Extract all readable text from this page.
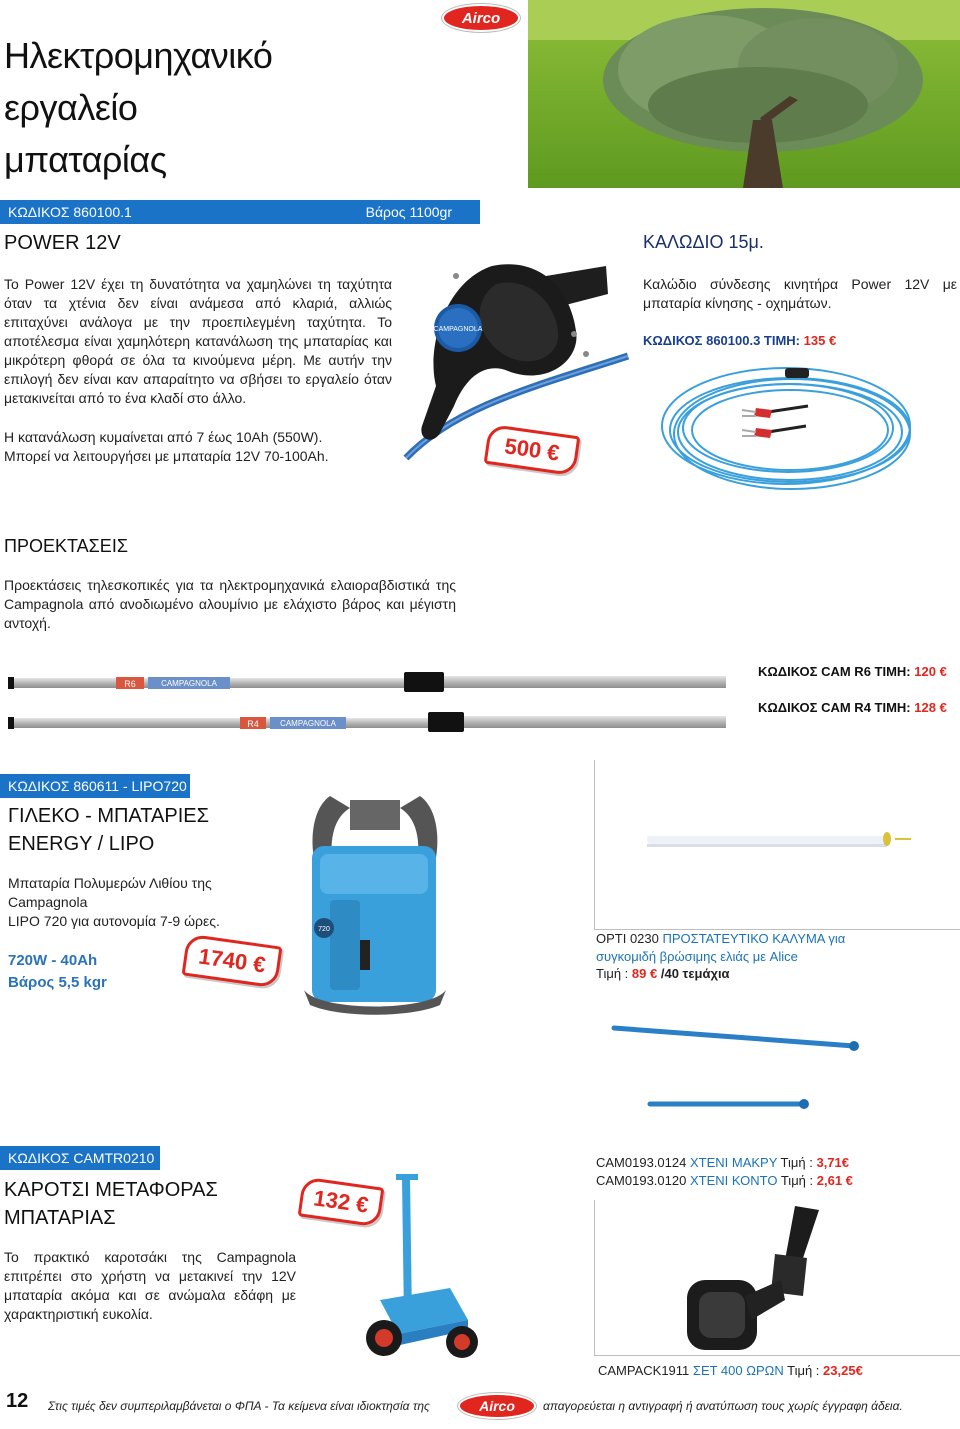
Airco
Ηλεκτρομηχανικό
εργαλείο μπαταρίας
ΚΩΔΙΚΟΣ 860100.1	Βάρος 1100gr
POWER 12V
Το Power 12V έχει τη δυνατότητα να χαμηλώνει τη ταχύτητα όταν τα χτένια δεν είναι ανάμεσα από κλαριά, αλλιώς επιταχύνει ανάλογα με την προεπιλεγμένη ταχύτητα. Το αποτέλεσμα είναι χαμηλότερη κατανάλωση της μπαταρίας και μικρότερη φθορά σε όλα τα κινούμενα μέρη. Με αυτήν την επιλογή δεν είναι καν απαραίτητο να σβήσει το εργαλείο όταν μετακινείται από το ένα κλαδί στο άλλο.
Η κατανάλωση κυμαίνεται από 7 έως 10Ah (550W).
Μπορεί να λειτουργήσει με μπαταρία 12V 70-100Ah.
CAMPAGNOLA
500 €
ΚΑΛΩΔΙΟ 15μ.
Καλώδιο σύνδεσης κινητήρα Power 12V με μπαταρία κίνησης - οχημάτων.
ΚΩΔΙΚΟΣ 860100.3 ΤΙΜΗ: 135 €
ΠΡΟΕΚΤΑΣΕΙΣ
Προεκτάσεις τηλεσκοπικές για τα ηλεκτρομηχανικά ελαιοραβδιστικά της Campagnola από ανοδιωμένο αλουμίνιο με ελάχιστο βάρος και μέγιστη αντοχή.
R6	CAMPAGNOLA
ΚΩΔΙΚΟΣ CAM R6 ΤΙΜΗ: 120 €
R4	CAMPAGNOLA
ΚΩΔΙΚΟΣ CAM R4 ΤΙΜΗ: 128 €
ΚΩΔΙΚΟΣ 860611 - LIPO720
ΓΙΛΕΚΟ - ΜΠΑΤΑΡΙΕΣ
ENERGY / LIPO
Μπαταρία Πολυμερών Λιθίου της
Campagnola
LIPO 720 για αυτονομία 7-9 ώρες.
720W - 40Ah
Βάρος 5,5 kgr
1740 €
720
OPTI 0230 ΠΡΟΣΤΑΤΕΥΤΙΚΟ ΚΑΛΥΜΑ για συγκομιδή βρώσιμης ελιάς με Alice
Τιμή : 89 € /40 τεμάχια
CAM0193.0124 ΧΤΕΝΙ ΜΑΚΡΥ Τιμή : 3,71€
CAM0193.0120 ΧΤΕΝΙ ΚΟΝΤΟ Τιμή : 2,61 €
ΚΩΔΙΚΟΣ CAMTR0210
ΚΑΡΟΤΣΙ ΜΕΤΑΦΟΡΑΣ
ΜΠΑΤΑΡΙΑΣ
Το πρακτικό καροτσάκι της Campagnola επιτρέπει στο χρήστη να μετακινεί την 12V μπαταρία ακόμα και σε ανώμαλα εδάφη με χαρακτηριστική ευκολία.
132 €
CAMPACK1911 ΣΕΤ 400 ΩΡΩΝ Τιμή : 23,25€
12 Στις τιμές δεν συμπεριλαμβάνεται ο ΦΠΑ - Τα κείμενα είναι ιδιοκτησία της	Airco απαγορεύεται η αντιγραφή ή ανατύπωση τους χωρίς έγγραφη άδεια.
